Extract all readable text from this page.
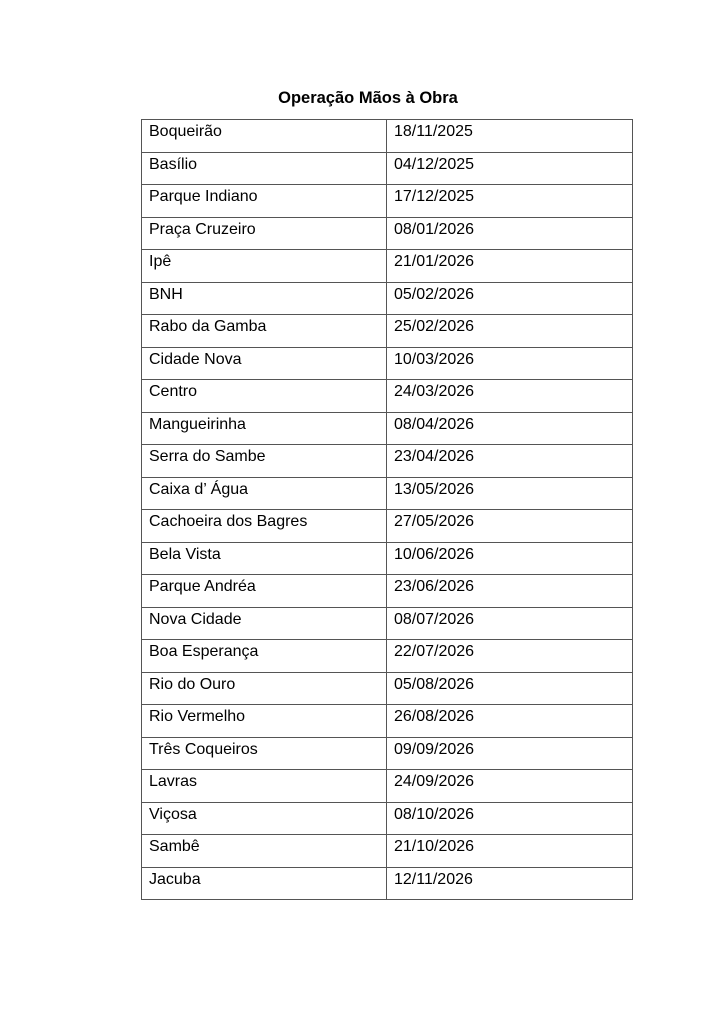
Operação Mãos à Obra
Boqueirão	18/11/2025
Basílio	04/12/2025
Parque Indiano	17/12/2025
Praça Cruzeiro	08/01/2026
Ipê	21/01/2026
BNH	05/02/2026
Rabo da Gamba	25/02/2026
Cidade Nova	10/03/2026
Centro	24/03/2026
Mangueirinha	08/04/2026
Serra do Sambe	23/04/2026
Caixa d’ Água	13/05/2026
Cachoeira dos Bagres	27/05/2026
Bela Vista	10/06/2026
Parque Andréa	23/06/2026
Nova Cidade	08/07/2026
Boa Esperança	22/07/2026
Rio do Ouro	05/08/2026
Rio Vermelho	26/08/2026
Três Coqueiros	09/09/2026
Lavras	24/09/2026
Viçosa	08/10/2026
Sambê	21/10/2026
Jacuba	12/11/2026
